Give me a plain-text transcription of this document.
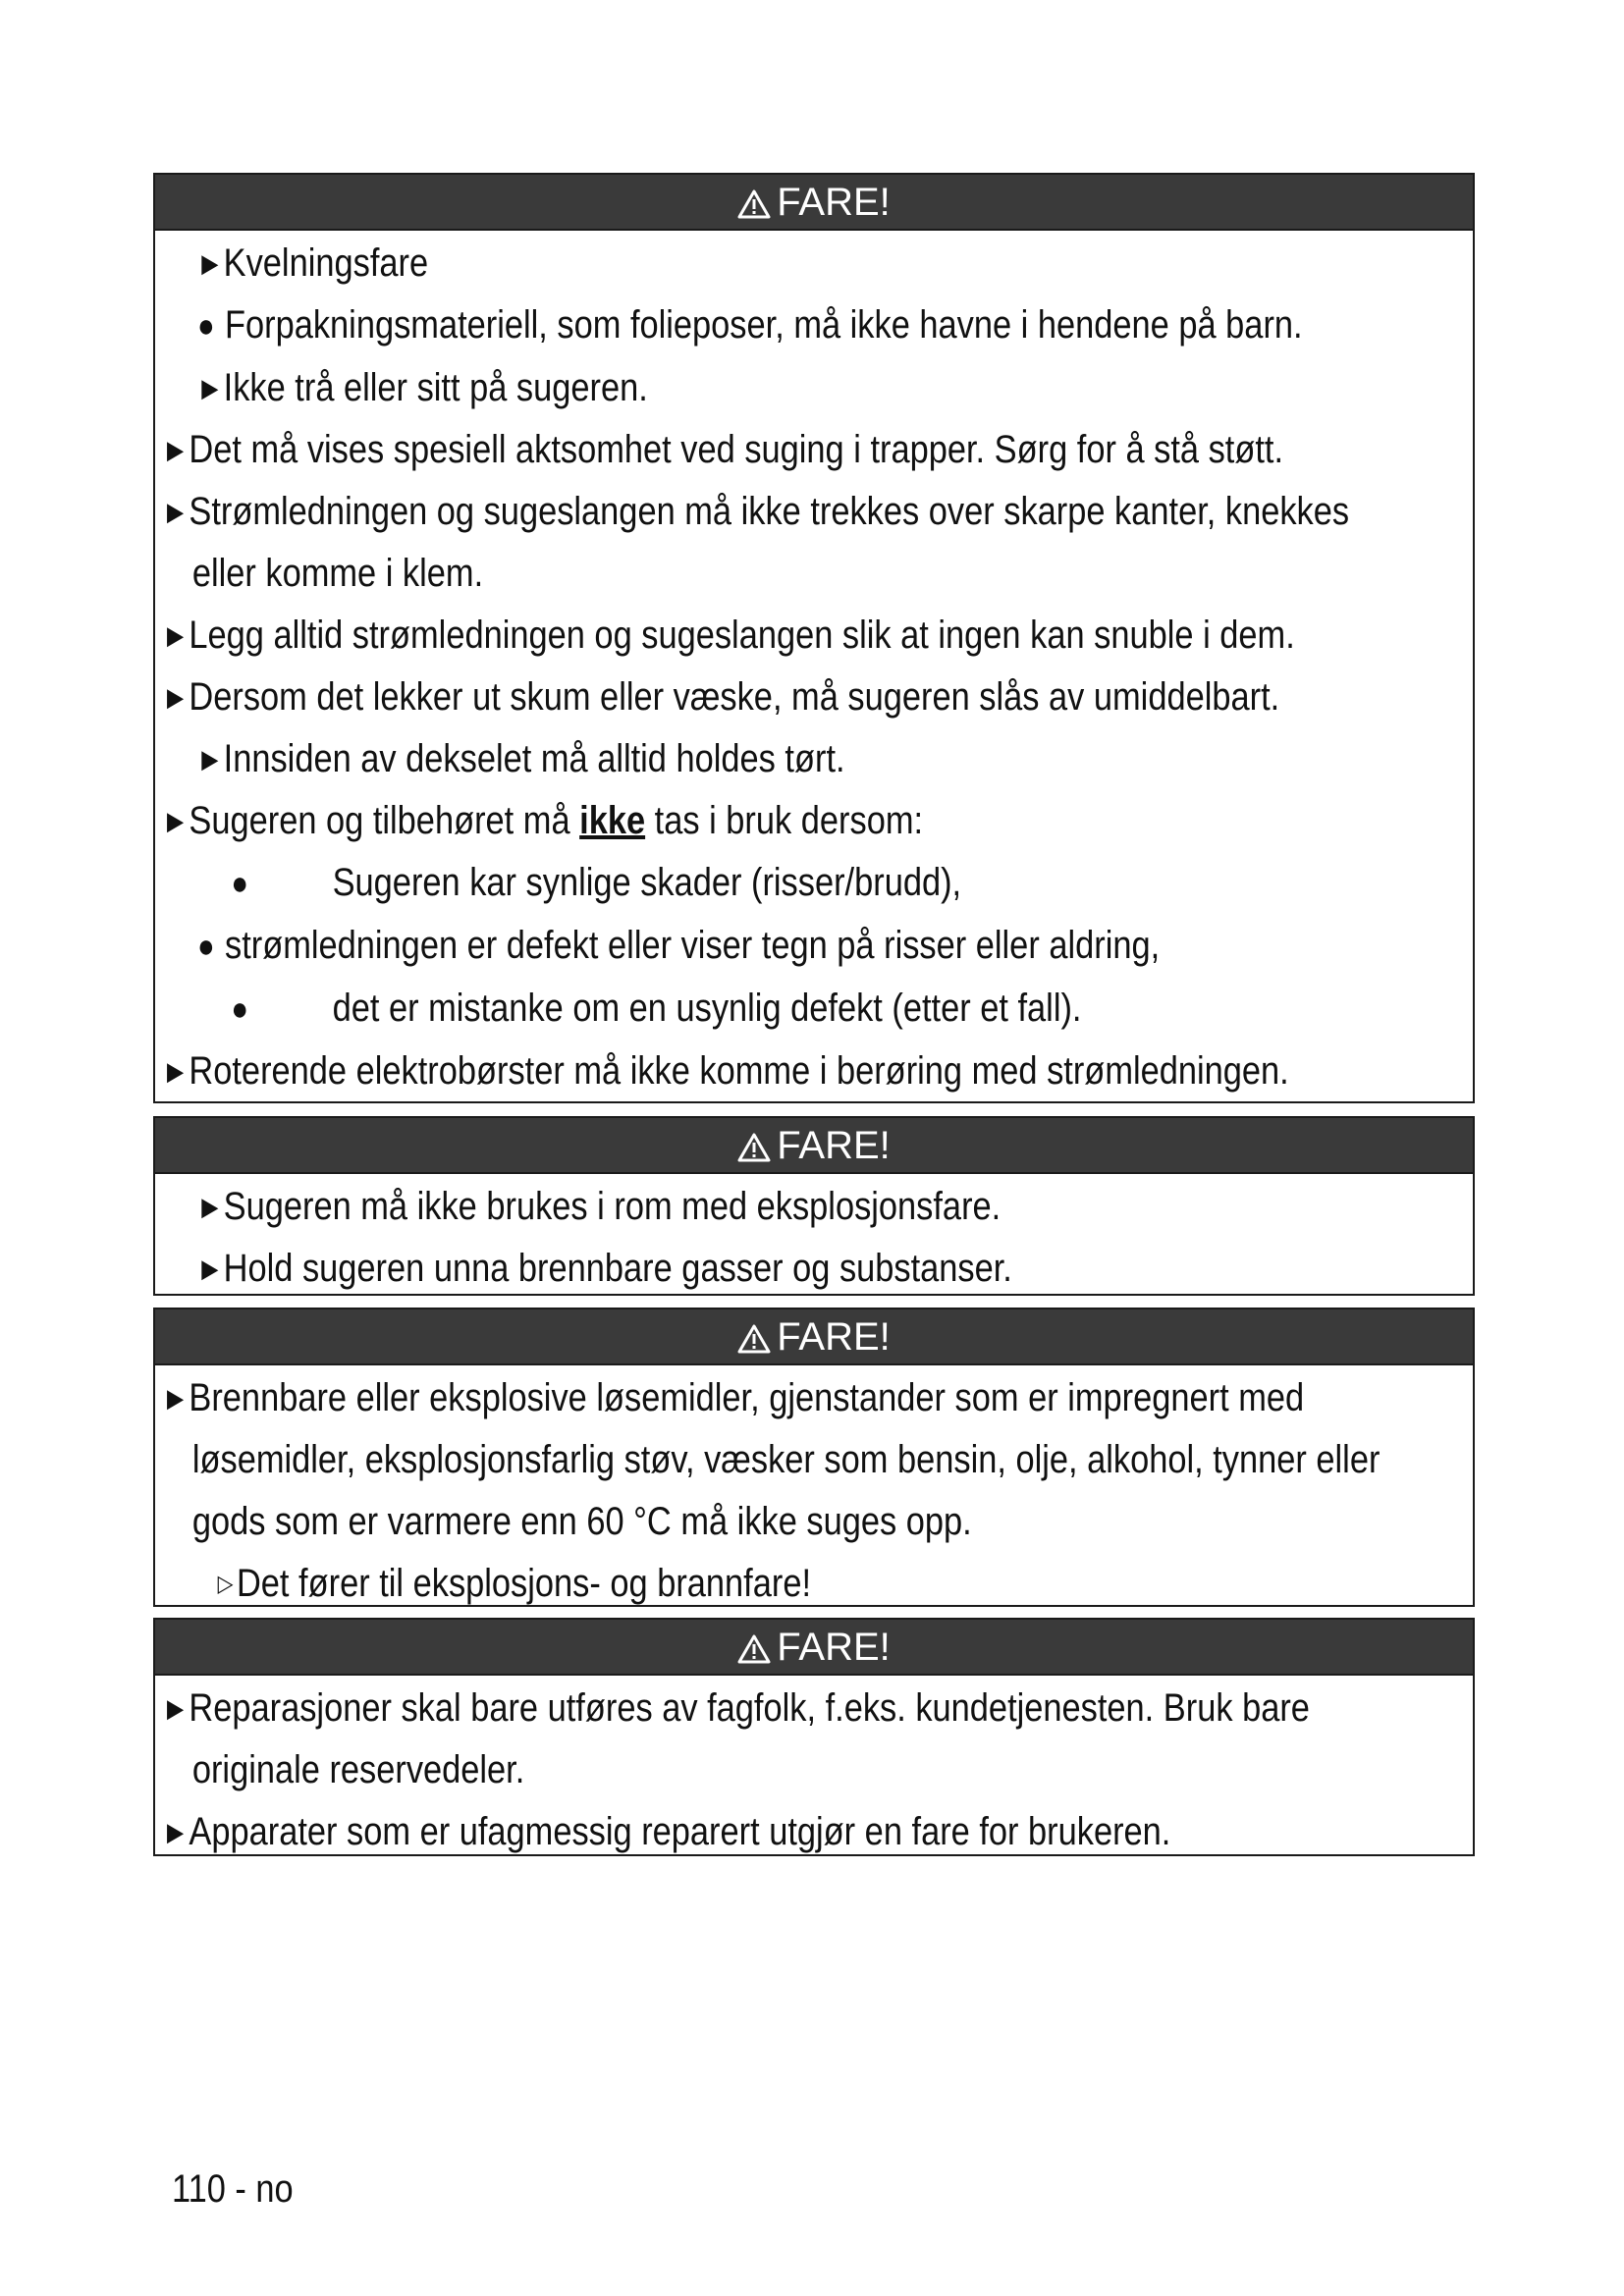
FARE!
▶ Kvelningsfare
● Forpakningsmateriell, som folieposer, må ikke havne i hendene på barn.
▶ Ikke trå eller sitt på sugeren.
▶ Det må vises spesiell aktsomhet ved suging i trapper. Sørg for å stå støtt.
▶ Strømledningen og sugeslangen må ikke trekkes over skarpe kanter, knekkes
eller komme i klem.
▶ Legg alltid strømledningen og sugeslangen slik at ingen kan snuble i dem.
▶ Dersom det lekker ut skum eller væske, må sugeren slås av umiddelbart.
▶ Innsiden av dekselet må alltid holdes tørt.
▶ Sugeren og tilbehøret må ikke tas i bruk dersom:
● Sugeren kar synlige skader (risser/brudd),
● strømledningen er defekt eller viser tegn på risser eller aldring,
● det er mistanke om en usynlig defekt (etter et fall).
▶ Roterende elektrobørster må ikke komme i berøring med strømledningen.
FARE!
▶ Sugeren må ikke brukes i rom med eksplosjonsfare.
▶ Hold sugeren unna brennbare gasser og substanser.
FARE!
▶ Brennbare eller eksplosive løsemidler, gjenstander som er impregnert med
løsemidler, eksplosjonsfarlig støv, væsker som bensin, olje, alkohol, tynner eller
gods som er varmere enn 60 °C må ikke suges opp.
▷Det fører til eksplosjons- og brannfare!
FARE!
▶ Reparasjoner skal bare utføres av fagfolk, f.eks. kundetjenesten. Bruk bare
originale reservedeler.
▶ Apparater som er ufagmessig reparert utgjør en fare for brukeren.
110 - no
